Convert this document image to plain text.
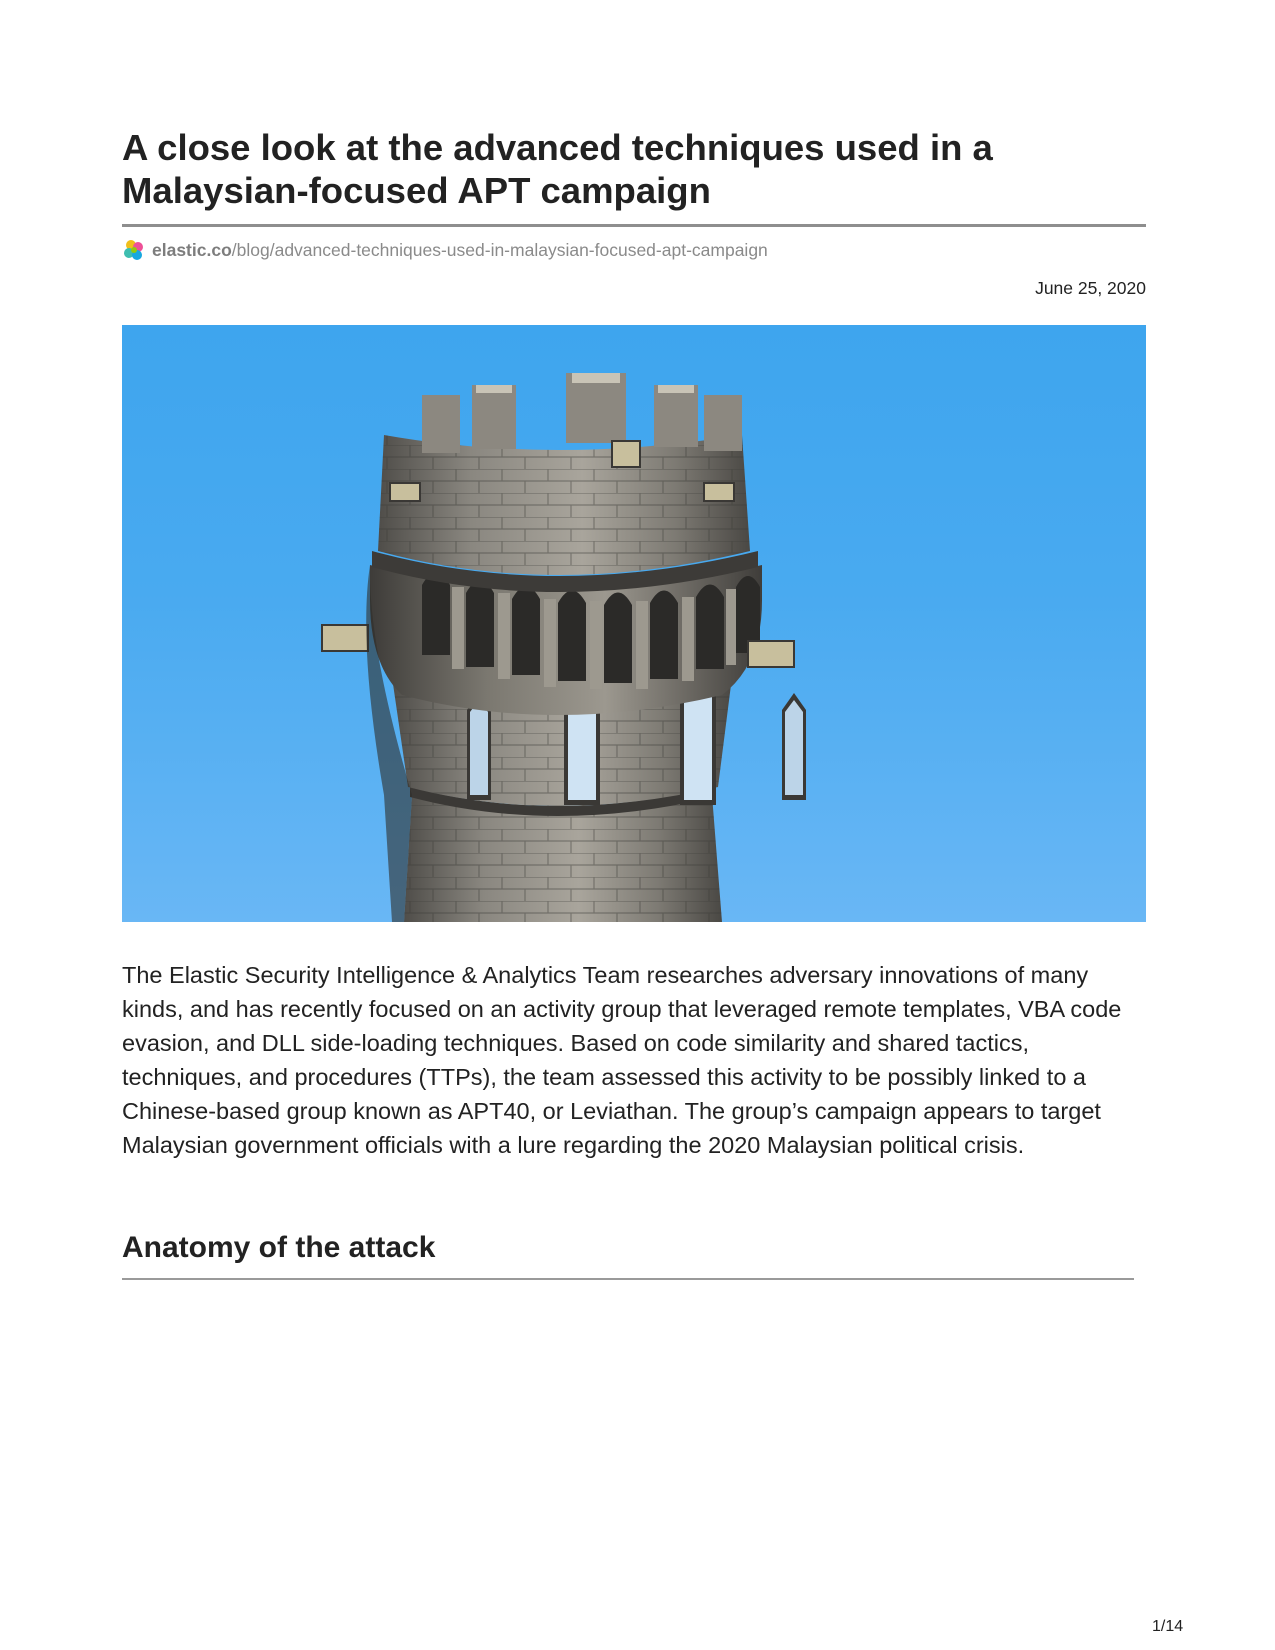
A close look at the advanced techniques used in a Malaysian-focused APT campaign
elastic.co /blog/advanced-techniques-used-in-malaysian-focused-apt-campaign
June 25, 2020

The Elastic Security Intelligence & Analytics Team researches adversary innovations of many kinds, and has recently focused on an activity group that leveraged remote templates, VBA code evasion, and DLL side-loading techniques. Based on code similarity and shared tactics, techniques, and procedures (TTPs), the team assessed this activity to be possibly linked to a Chinese-based group known as APT40, or Leviathan. The group’s campaign appears to target Malaysian government officials with a lure regarding the 2020 Malaysian political crisis.

Anatomy of the attack
1/14
